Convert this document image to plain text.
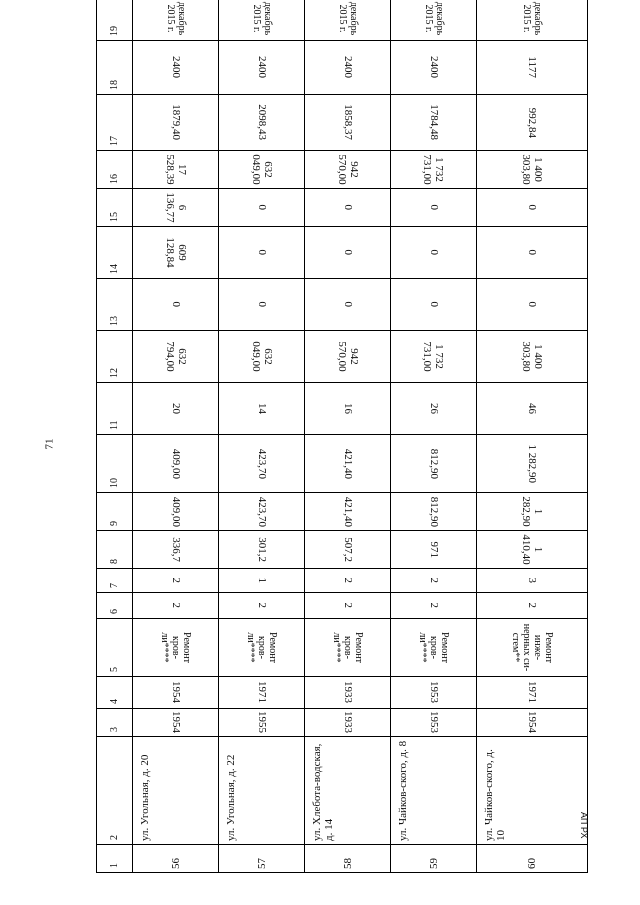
71
1	2	3	4	5	6	7	8	9	10	11	12	13	14	15	16	17	18	19
56	ул. Угольная, д. 20	1954	1954	Ремонт кров-ли****	2	2	336,7	409,00	409,00	20	632 794,00	0	609 128,84	6 136,77	17 528,39	1879,40	2400	декабрь 2015 г.
57	ул. Угольная, д. 22	1955	1971	Ремонт кров-ли****	2	1	301,2	423,70	423,70	14	632 049,00	0	0	0	632 049,00	2098,43	2400	декабрь 2015 г.
58	ул. Хлебота-водская, д. 14	1933	1933	Ремонт кров-ли****	2	2	507,2	421,40	421,40	16	942 570,00	0	0	0	942 570,00	1858,37	2400	декабрь 2015 г.
59	ул. Чайков-ского, д. 8	1953	1953	Ремонт кров-ли****	2	2	971	812,90	812,90	26	1 732 731,00	0	0	0	1 732 731,00	1784,48	2400	декабрь 2015 г.
60	ул. Чайков-ского, д. 10	1954	1971	Ремонт инже-нерных си-стем**	2	3	1 410,40	1 282,90	1 282,90	46	1 400 303,80	0	0	0	1 400 303,80	992,84	1177	декабрь 2015 г.
АП РХ
